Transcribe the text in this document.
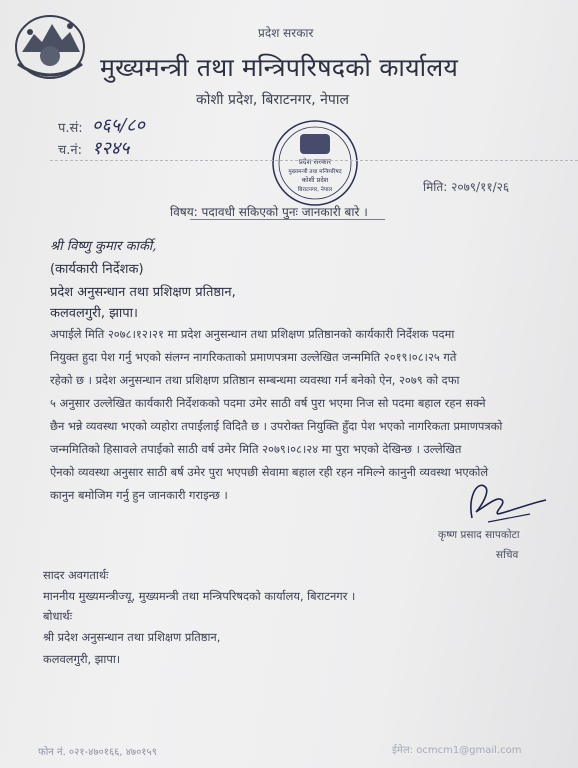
प्रदेश सरकार
मुख्यमन्त्री तथा मन्त्रिपरिषदको कार्यालय
कोशी प्रदेश, बिराटनगर, नेपाल
प.सं: ०६५/८०
च.नं: १२४५
प्रदेश सरकार
मुख्यमन्त्री तथा मन्त्रिपरिषद
कोशी प्रदेश
बिराटनगर, नेपाल	मिति: २०७९/११/२६
विषय: पदावधी सकिएको पुनः जानकारी बारे ।
श्री विष्णु कुमार कार्की,
(कार्यकारी निर्देशक)
प्रदेश अनुसन्धान तथा प्रशिक्षण प्रतिष्ठान,
कलवलगुरी, झापा।
अपाईले मिति २०७८।१२।२१ मा प्रदेश अनुसन्धान तथा प्रशिक्षण प्रतिष्ठानको कार्यकारी निर्देशक पदमा
नियुक्त हुदा पेश गर्नु भएको संलग्न नागरिकताको प्रमाणपत्रमा उल्लेखित जन्ममिति २०१९।०८।२५ गते
रहेको छ । प्रदेश अनुसन्धान तथा प्रशिक्षण प्रतिष्ठान सम्बन्धमा व्यवस्था गर्न बनेको ऐन, २०७९ को दफा
५ अनुसार उल्लेखित कार्यकारी निर्देशकको पदमा उमेर साठी वर्ष पुरा भएमा निज सो पदमा बहाल रहन सक्ने
छैन भन्ने व्यवस्था भएको व्यहोरा तपाईलाई विदितै छ । उपरोक्त नियुक्ति हुँदा पेश भएको नागरिकता प्रमाणपत्रको
जन्ममितिको हिसावले तपाईको साठी वर्ष उमेर मिति २०७९।०८।२४ मा पुरा भएको देखिन्छ । उल्लेखित
ऐनको व्यवस्था अनुसार साठी बर्ष उमेर पुरा भएपछी सेवामा बहाल रही रहन नमिल्ने कानुनी व्यवस्था भएकोले
कानुन बमोजिम गर्नु हुन जानकारी गराइन्छ ।
कृष्ण प्रसाद सापकोटा
सचिव
सादर अवगतार्थः
माननीय मुख्यमन्त्रीज्यू, मुख्यमन्त्री तथा मन्त्रिपरिषदको कार्यालय, बिराटनगर ।
बोधार्थः
श्री प्रदेश अनुसन्धान तथा प्रशिक्षण प्रतिष्ठान,
कलवलगुरी, झापा।
फोन नं. ०२१-४७०१६६, ४७०१५९	ईमेल: ocmcm1@gmail.com
